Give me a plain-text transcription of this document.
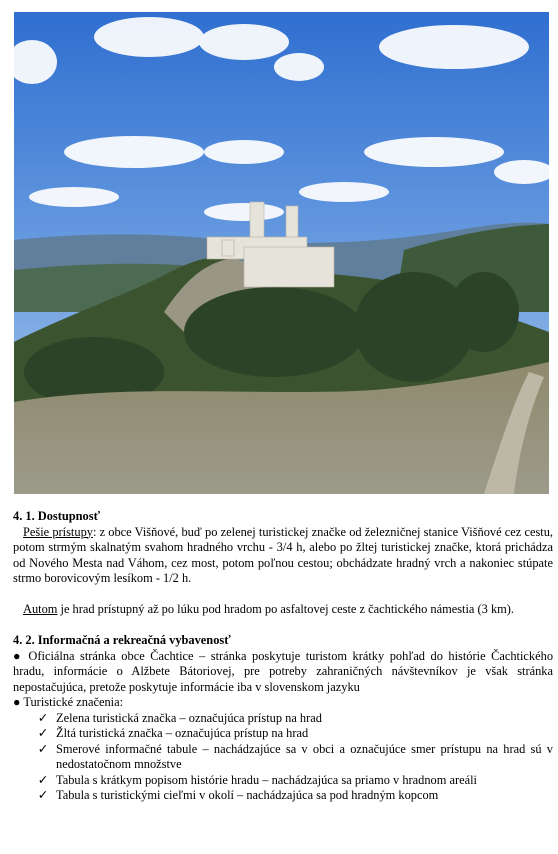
4. 1. Dostupnosť

Pešie prístupy: z obce Višňové, buď po zelenej turistickej značke od železničnej stanice Višňové cez cestu, potom strmým skalnatým svahom hradného vrchu - 3/4 h, alebo po žltej turistickej značke, ktorá prichádza od Nového Mesta nad Váhom, cez most, potom poľnou cestou; obchádzate hradný vrch a nakoniec stúpate strmo borovicovým lesíkom - 1/2 h.

Autom je hrad prístupný až po lúku pod hradom po asfaltovej ceste z čachtického námestia (3 km).

4. 2. Informačná a rekreačná vybavenosť

● Oficiálna stránka obce Čachtice – stránka poskytuje turistom krátky pohľad do histórie Čachtického hradu, informácie o Alžbete Bátoriovej, pre potreby zahraničných návštevníkov je však stránka nepostačujúca, pretože poskytuje informácie iba v slovenskom jazyku

● Turistické značenia:

✓ Zelena turistická značka – označujúca prístup na hrad
✓ Žltá turistická značka – označujúca prístup na hrad
✓ Smerové informačné tabule – nachádzajúce sa v obci a označujúce smer prístupu na hrad sú v nedostatočnom množstve
✓ Tabula s krátkym popisom histórie hradu – nachádzajúca sa priamo v hradnom areáli
✓ Tabula s turistickými cieľmi v okolí – nachádzajúca sa pod hradným kopcom
